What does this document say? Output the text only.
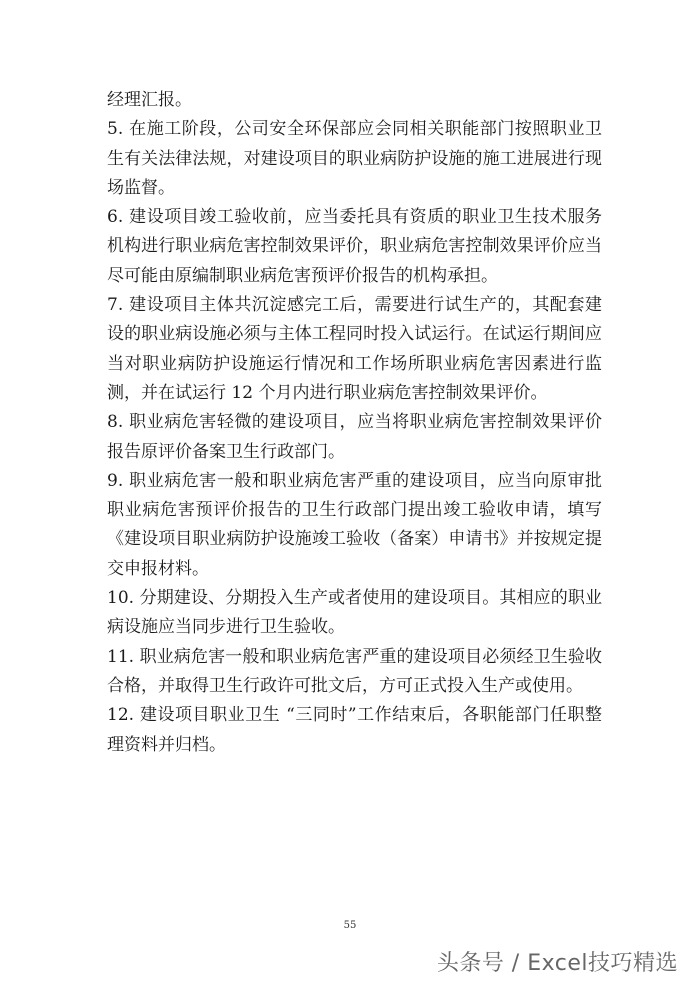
经理汇报。

5. 在施工阶段，公司安全环保部应会同相关职能部门按照职业卫生有关法律法规，对建设项目的职业病防护设施的施工进展进行现场监督。

6. 建设项目竣工验收前，应当委托具有资质的职业卫生技术服务机构进行职业病危害控制效果评价，职业病危害控制效果评价应当尽可能由原编制职业病危害预评价报告的机构承担。

7. 建设项目主体共沉淀感完工后，需要进行试生产的，其配套建设的职业病设施必须与主体工程同时投入试运行。在试运行期间应当对职业病防护设施运行情况和工作场所职业病危害因素进行监测，并在试运行 12 个月内进行职业病危害控制效果评价。

8. 职业病危害轻微的建设项目，应当将职业病危害控制效果评价报告原评价备案卫生行政部门。

9. 职业病危害一般和职业病危害严重的建设项目，应当向原审批职业病危害预评价报告的卫生行政部门提出竣工验收申请，填写《建设项目职业病防护设施竣工验收（备案）申请书》并按规定提交申报材料。

10. 分期建设、分期投入生产或者使用的建设项目。其相应的职业病设施应当同步进行卫生验收。

11. 职业病危害一般和职业病危害严重的建设项目必须经卫生验收合格，并取得卫生行政许可批文后，方可正式投入生产或使用。

12. 建设项目职业卫生 “三同时”工作结束后，各职能部门任职整理资料并归档。

55
头条号 / Excel技巧精选
